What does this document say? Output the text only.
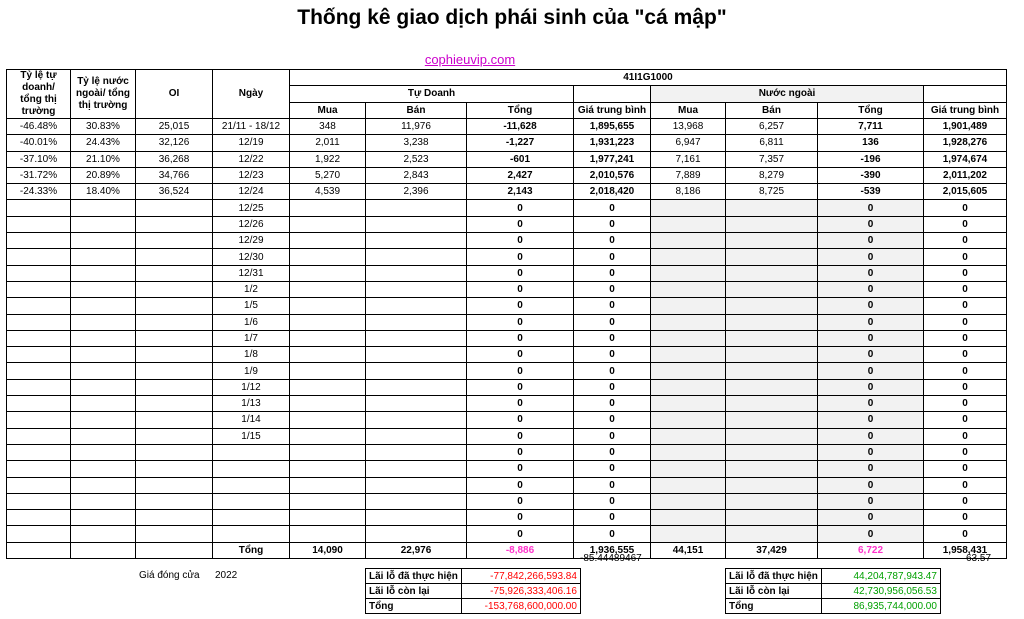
Thống kê giao dịch phái sinh của "cá mập"
cophieuvip.com
Tỷ lệ tự doanh/ tổng thị trường	Tỷ lệ nước ngoài/ tổng thị trường	OI	Ngày	41I1G1000							
				Tự Doanh				Nước ngoài			
				Mua	Bán	Tổng	Giá trung bình	Mua	Bán	Tổng	Giá trung bình
-46.48%	30.83%	25,015	21/11 - 18/12	348	11,976	-11,628	1,895,655	13,968	6,257	7,711	1,901,489
-40.01%	24.43%	32,126	12/19	2,011	3,238	-1,227	1,931,223	6,947	6,811	136	1,928,276
-37.10%	21.10%	36,268	12/22	1,922	2,523	-601	1,977,241	7,161	7,357	-196	1,974,674
-31.72%	20.89%	34,766	12/23	5,270	2,843	2,427	2,010,576	7,889	8,279	-390	2,011,202
-24.33%	18.40%	36,524	12/24	4,539	2,396	2,143	2,018,420	8,186	8,725	-539	2,015,605
			12/25			0	0			0	0
			12/26			0	0			0	0
			12/29			0	0			0	0
			12/30			0	0			0	0
			12/31			0	0			0	0
			1/2			0	0			0	0
			1/5			0	0			0	0
			1/6			0	0			0	0
			1/7			0	0			0	0
			1/8			0	0			0	0
			1/9			0	0			0	0
			1/12			0	0			0	0
			1/13			0	0			0	0
			1/14			0	0			0	0
			1/15			0	0			0	0
						0	0			0	0
						0	0			0	0
						0	0			0	0
						0	0			0	0
						0	0			0	0
						0	0			0	0
			Tổng	14,090	22,976	-8,886	1,936,555	44,151	37,429	6,722	1,958,431
-85.44489467	63.57
Giá đóng cửa 2022	Lãi lỗ đã thực hiện	-77,842,266,593.84
Lãi lỗ còn lại	-75,926,333,406.16
Tổng	-153,768,600,000.00
Lãi lỗ đã thực hiện	44,204,787,943.47
Lãi lỗ còn lại	42,730,956,056.53
Tổng	86,935,744,000.00
